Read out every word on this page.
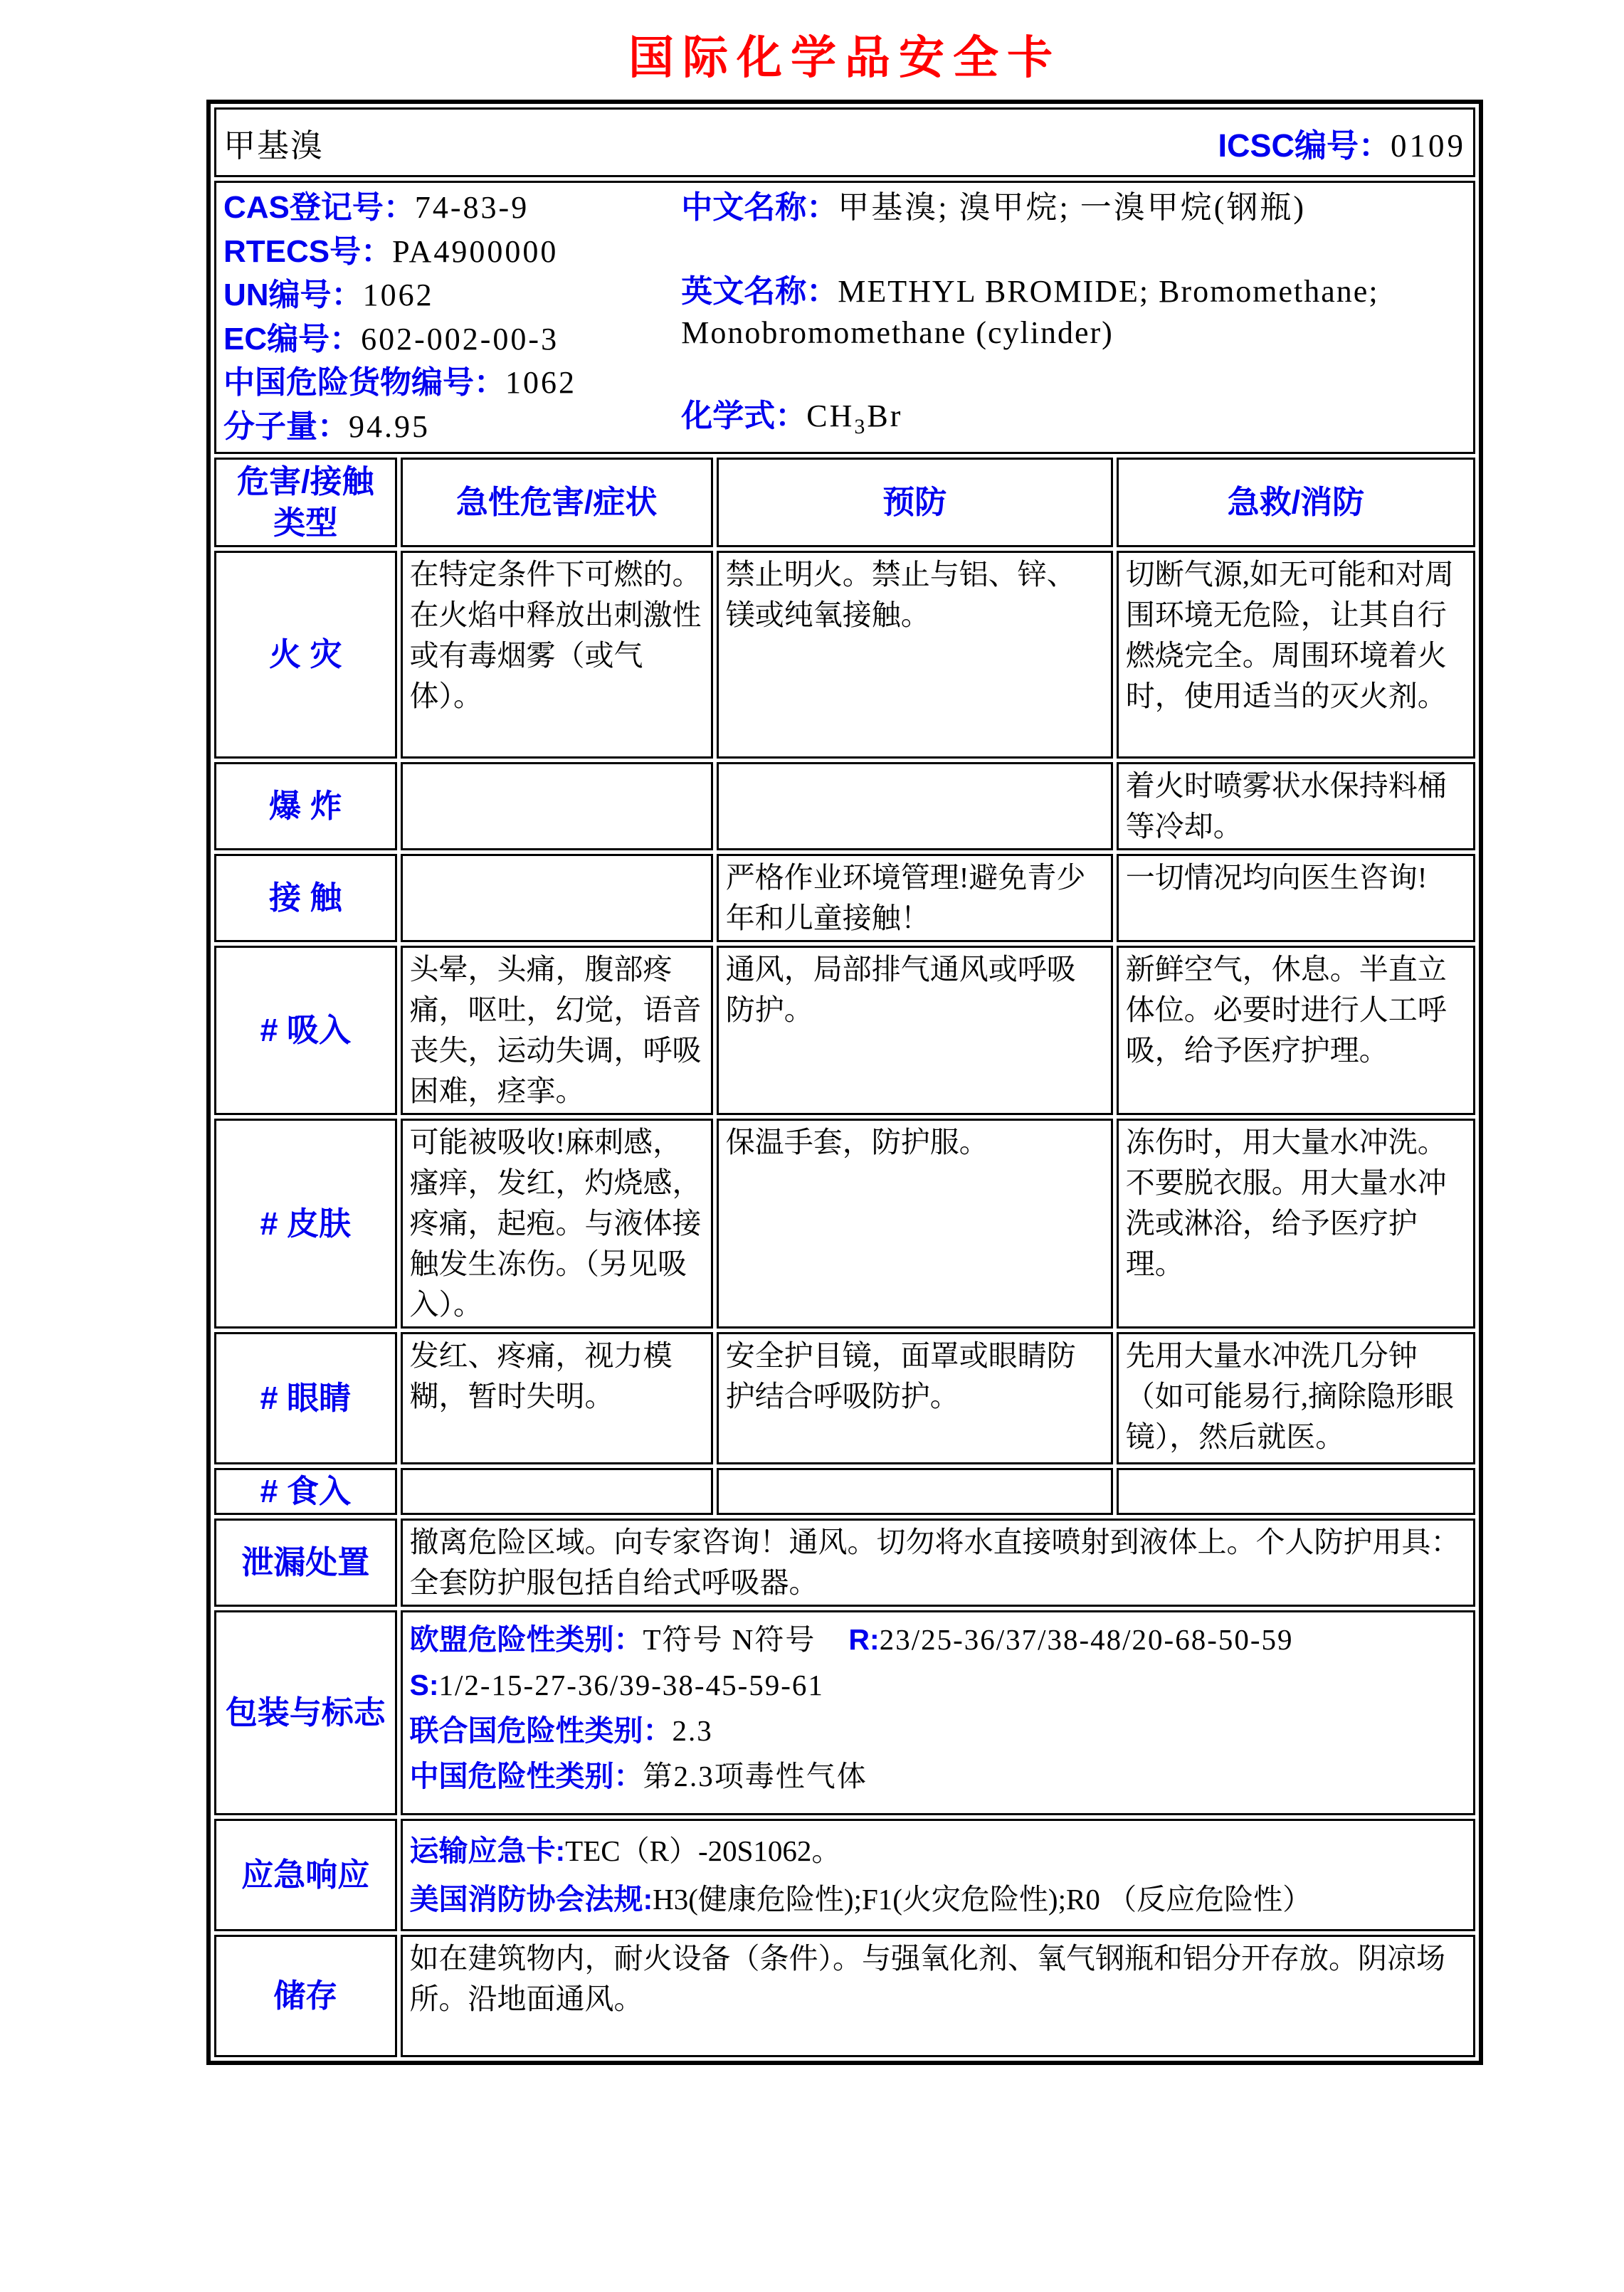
国际化学品安全卡
甲基溴 ICSC编号：0109			

CAS登记号：74-83-9
RTECS号：PA4900000
UN编号：1062
EC编号：602-002-00-3
中国危险货物编号：1062
分子量：94.95
中文名称：甲基溴; 溴甲烷; 一溴甲烷(钢瓶)
英文名称：METHYL BROMIDE; Bromomethane; Monobromomethane (cylinder)
化学式：$CH_3Br$

危害/接触
类型	急性危害/症状	预防	急救/消防
火 灾	在特定条件下可燃的。在火焰中释放出刺激性或有毒烟雾（或气体）。	禁止明火。禁止与铝、锌、镁或纯氧接触。	切断气源,如无可能和对周围环境无危险，让其自行燃烧完全。周围环境着火时，使用适当的灭火剂。

爆 炸			着火时喷雾状水保持料桶等冷却。

接 触		严格作业环境管理!避免青少年和儿童接触！	一切情况均向医生咨询!

# 吸入	头晕，头痛，腹部疼痛，呕吐，幻觉，语音丧失，运动失调，呼吸困难，痉挛。	通风，局部排气通风或呼吸防护。	新鲜空气，休息。半直立体位。必要时进行人工呼吸，给予医疗护理。

# 皮肤	可能被吸收!麻刺感，瘙痒，发红，灼烧感，疼痛，起疱。与液体接触发生冻伤。（另见吸入）。	保温手套，防护服。	冻伤时，用大量水冲洗。不要脱衣服。用大量水冲洗或淋浴，给予医疗护理。

# 眼睛	发红、疼痛，视力模糊，暂时失明。	安全护目镜，面罩或眼睛防护结合呼吸防护。	先用大量水冲洗几分钟（如可能易行,摘除隐形眼镜），然后就医。

# 食入	

泄漏处置	撤离危险区域。向专家咨询！通风。切勿将水直接喷射到液体上。个人防护用具：全套防护服包括自给式呼吸器。		

包装与标志	欧盟危险性类别：T符号 N符号 R:23/25-36/37/38-48/20-68-50-59
S:1/2-15-27-36/39-38-45-59-61
联合国危险性类别：2.3
中国危险性类别：第2.3项毒性气体		

应急响应	运输应急卡:TEC（R）-20S1062。
美国消防协会法规:H3(健康危险性);F1(火灾危险性);R0 （反应危险性）		

储存	如在建筑物内，耐火设备（条件）。与强氧化剂、氧气钢瓶和铝分开存放。阴凉场所。沿地面通风。		
